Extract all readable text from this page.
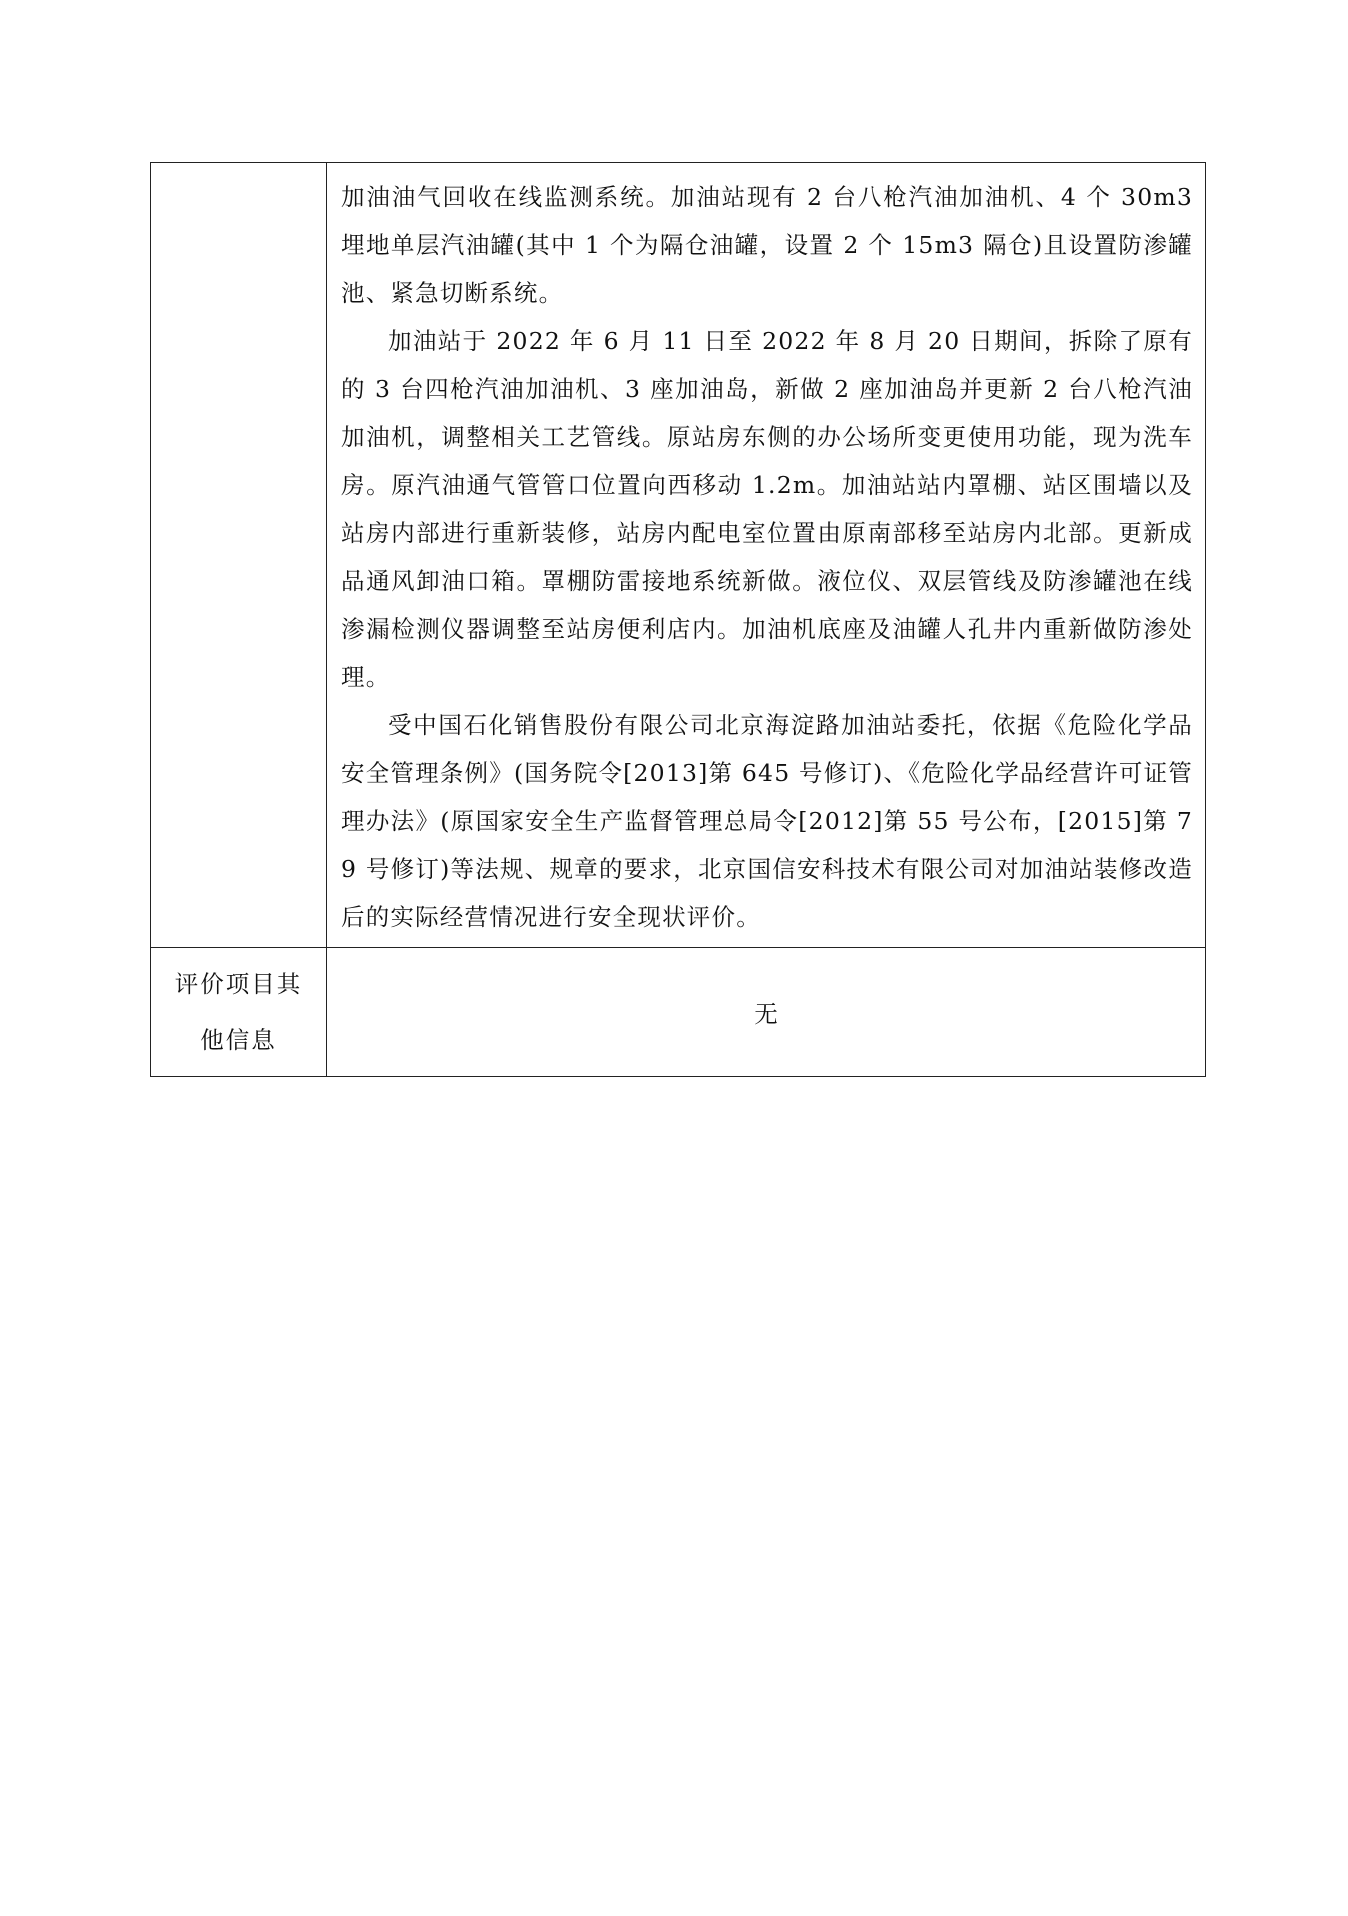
	加油油气回收在线监测系统。加油站现有 2 台八枪汽油加油机、4 个 30m3 埋地单层汽油罐(其中 1 个为隔仓油罐，设置 2 个 15m3 隔仓)且设置防渗罐池、紧急切断系统。

加油站于 2022 年 6 月 11 日至 2022 年 8 月 20 日期间，拆除了原有的 3 台四枪汽油加油机、3 座加油岛，新做 2 座加油岛并更新 2 台八枪汽油加油机，调整相关工艺管线。原站房东侧的办公场所变更使用功能，现为洗车房。原汽油通气管管口位置向西移动 1.2m。加油站站内罩棚、站区围墙以及站房内部进行重新装修，站房内配电室位置由原南部移至站房内北部。更新成品通风卸油口箱。罩棚防雷接地系统新做。液位仪、双层管线及防渗罐池在线渗漏检测仪器调整至站房便利店内。加油机底座及油罐人孔井内重新做防渗处理。

受中国石化销售股份有限公司北京海淀路加油站委托，依据《危险化学品安全管理条例》(国务院令[2013]第 645 号修订)、《危险化学品经营许可证管理办法》(原国家安全生产监督管理总局令[2012]第 55 号公布，[2015]第 79 号修订)等法规、规章的要求，北京国信安科技术有限公司对加油站装修改造后的实际经营情况进行安全现状评价。

评价项目其他信息	无
